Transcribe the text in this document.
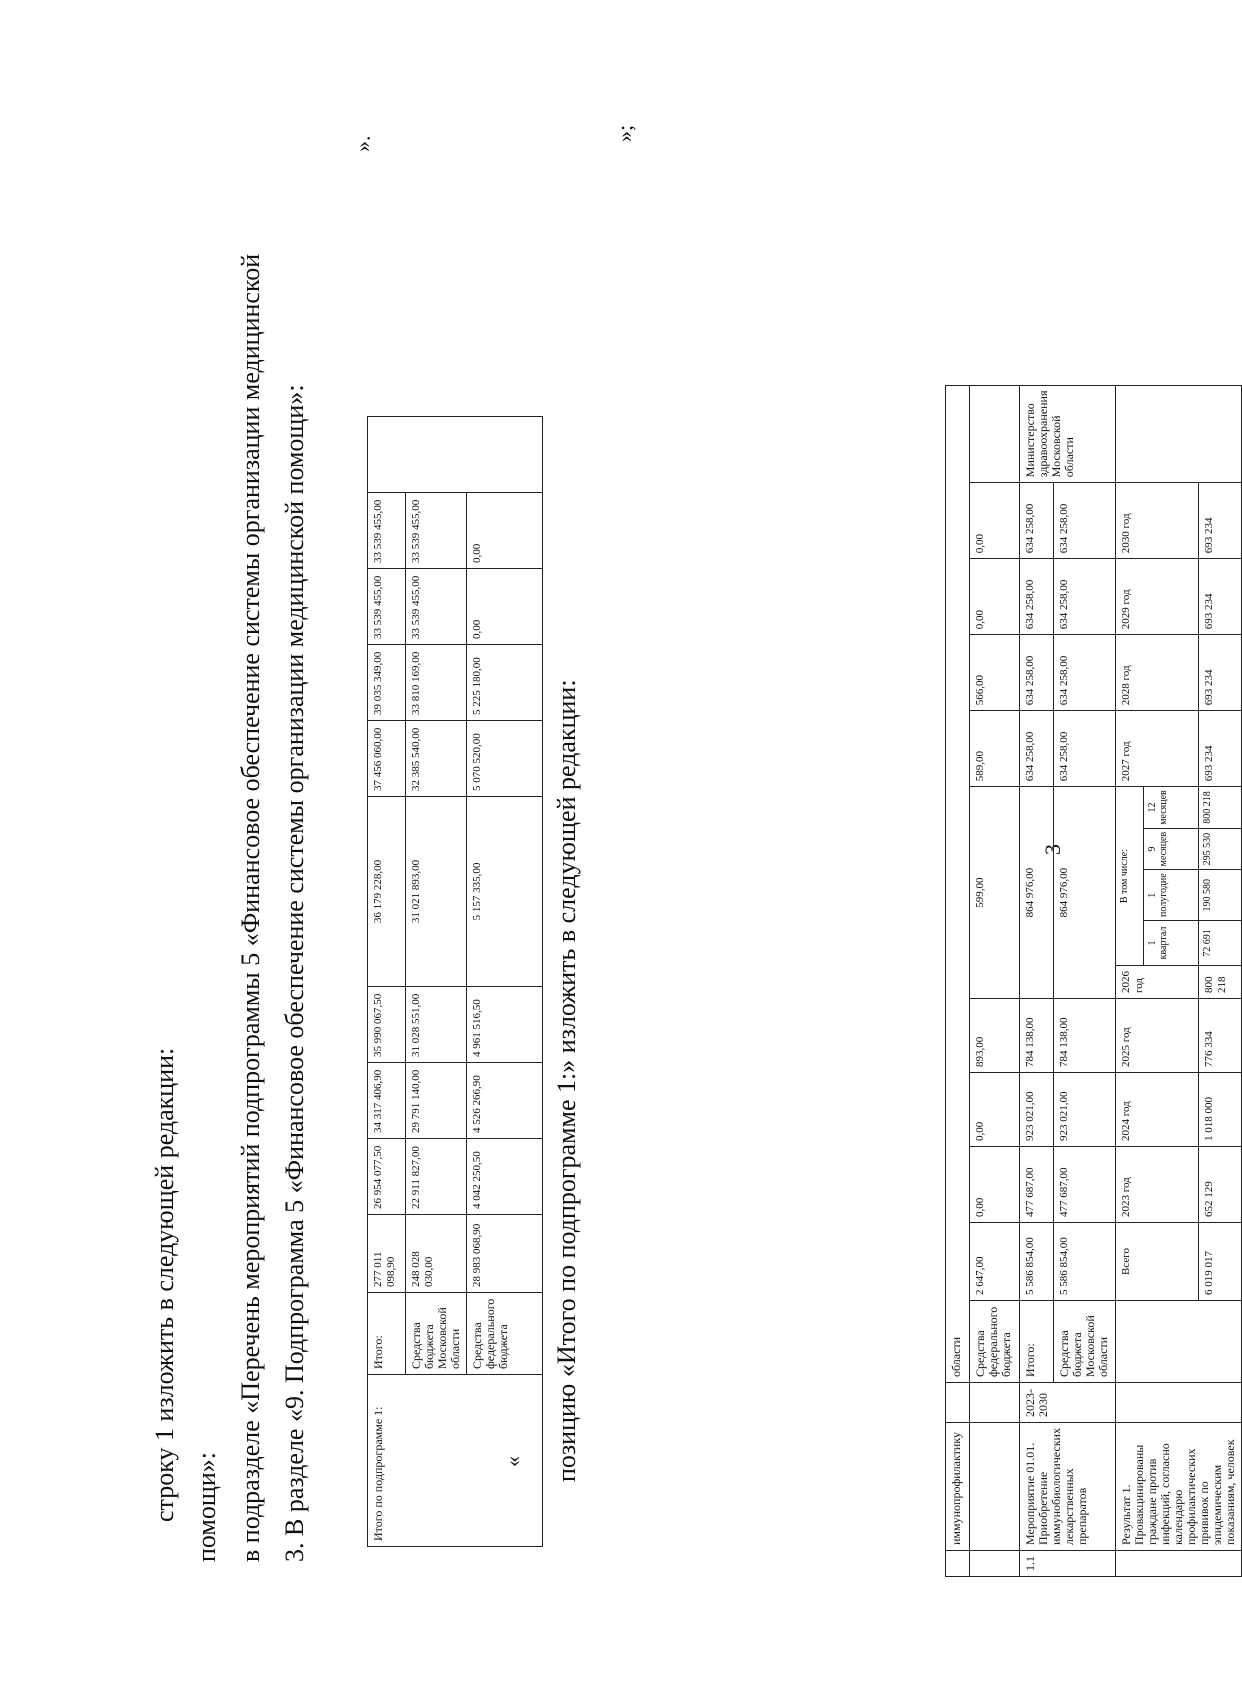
3
	иммунопрофилактику		области														
			Средства федерального бюджета	2 647,00	0,00	0,00	893,00	599,00					589,00	566,00	0,00	0,00	
1.1	Мероприятие 01.01. Приобретение иммунобиологических лекарственных препаратов	2023-2030	Итого:	5 586 854,00	477 687,00	923 021,00	784 138,00	864 976,00					634 258,00	634 258,00	634 258,00	634 258,00	Министерство здравоохранения Московской области
			Средства бюджета Московской области	5 586 854,00	477 687,00	923 021,00	784 138,00	864 976,00					634 258,00	634 258,00	634 258,00	634 258,00	
	Результат 1. Провакцинированы граждане против инфекций, согласно календарю профилактических прививок по эпидемическим показаниям, человек			Всего	2023 год	2024 год	2025 год	2026 год	В том числе:				2027 год	2028 год	2029 год	2030 год	
									1 квартал	1 полугодие	9 месяцев	12 месяцев					
				6 019 017	652 129	1 018 000	776 334	800 218	72 691	190 580	295 530	800 218	693 234	693 234	693 234	693 234	
»;
позицию «Итого по подпрограмме 1:» изложить в следующей редакции:
«
Итого по подпрограмме 1:	Итого:	277 011 098,90	26 954 077,50	34 317 406,90	35 990 067,50	36 179 228,00	37 456 060,00	39 035 349,00	33 539 455,00	33 539 455,00	
	Средства бюджета Московской области	248 028 030,00	22 911 827,00	29 791 140,00	31 028 551,00	31 021 893,00	32 385 540,00	33 810 169,00	33 539 455,00	33 539 455,00	
	Средства федерального бюджета	28 983 068,90	4 042 250,50	4 526 266,90	4 961 516,50	5 157 335,00	5 070 520,00	5 225 180,00	0,00	0,00	
».
3. В разделе «9. Подпрограмма 5 «Финансовое обеспечение системы организации медицинской помощи»:
в подразделе «Перечень мероприятий подпрограммы 5 «Финансовое обеспечение системы организации медицинской
помощи»:
строку 1 изложить в следующей редакции:
